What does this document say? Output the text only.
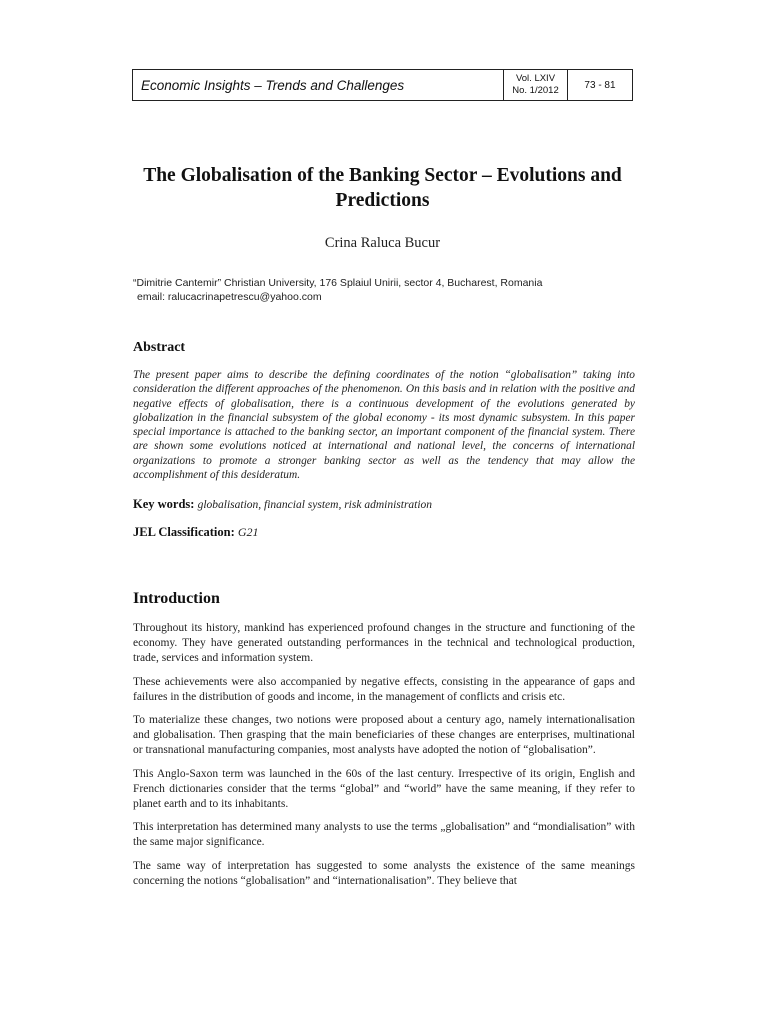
Economic Insights – Trends and Challenges	Vol. LXIV
No. 1/2012	73 - 81
The Globalisation of the Banking Sector – Evolutions and Predictions
Crina Raluca Bucur
“Dimitrie Cantemir” Christian University, 176 Splaiul Unirii, sector 4, Bucharest, Romania
email: ralucacrinapetrescu@yahoo.com
Abstract
The present paper aims to describe the defining coordinates of the notion “globalisation” taking into consideration the different approaches of the phenomenon. On this basis and in relation with the positive and negative effects of globalisation, there is a continuous development of the evolutions generated by globalization in the financial subsystem of the global economy - its most dynamic subsystem. In this paper special importance is attached to the banking sector, an important component of the financial system. There are shown some evolutions noticed at international and national level, the concerns of international organizations to promote a stronger banking sector as well as the tendency that may allow the accomplishment of this desideratum.
Key words: globalisation, financial system, risk administration
JEL Classification: G21
Introduction

Throughout its history, mankind has experienced profound changes in the structure and functioning of the economy. They have generated outstanding performances in the technical and technological production, trade, services and information system.

These achievements were also accompanied by negative effects, consisting in the appearance of gaps and failures in the distribution of goods and income, in the management of conflicts and crisis etc.

To materialize these changes, two notions were proposed about a century ago, namely internationalisation and globalisation. Then grasping that the main beneficiaries of these changes are enterprises, multinational or transnational manufacturing companies, most analysts have adopted the notion of “globalisation”.

This Anglo-Saxon term was launched in the 60s of the last century. Irrespective of its origin, English and French dictionaries consider that the terms “global” and “world” have the same meaning, if they refer to planet earth and to its inhabitants.

This interpretation has determined many analysts to use the terms „globalisation” and “mondialisation” with the same major significance.

The same way of interpretation has suggested to some analysts the existence of the same meanings concerning the notions “globalisation” and “internationalisation”. They believe that
